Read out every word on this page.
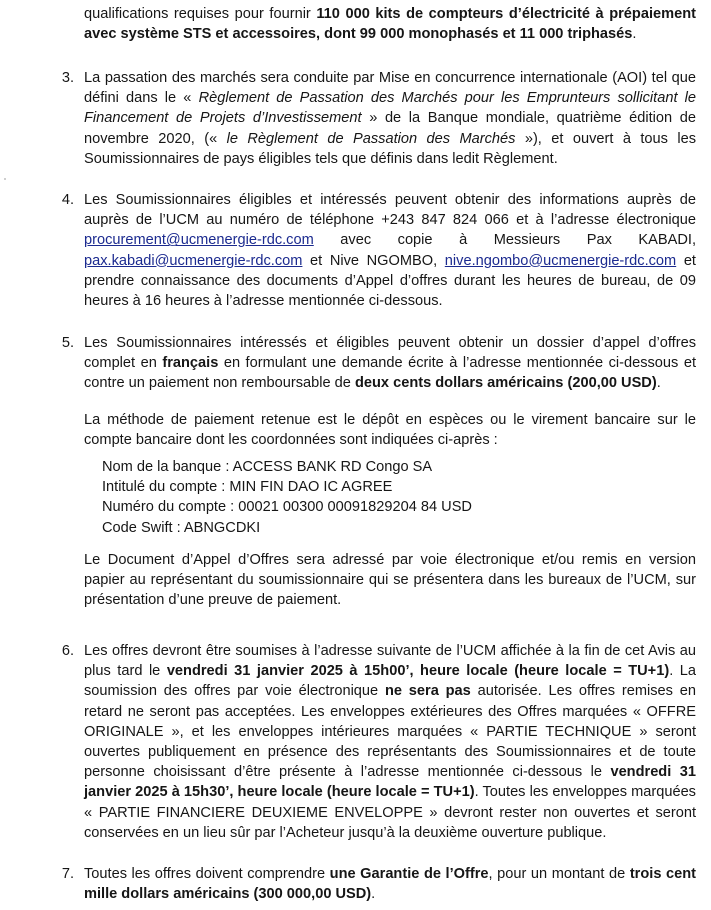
qualifications requises pour fournir 110 000 kits de compteurs d’électricité à prépaiement avec système STS et accessoires, dont 99 000 monophasés et 11 000 triphasés.

3. La passation des marchés sera conduite par Mise en concurrence internationale (AOI) tel que défini dans le « Règlement de Passation des Marchés pour les Emprunteurs sollicitant le Financement de Projets d’Investissement » de la Banque mondiale, quatrième édition de novembre 2020, (« le Règlement de Passation des Marchés »), et ouvert à tous les Soumissionnaires de pays éligibles tels que définis dans ledit Règlement.

4. Les Soumissionnaires éligibles et intéressés peuvent obtenir des informations auprès de auprès de l’UCM au numéro de téléphone +243 847 824 066 et à l’adresse électronique procurement@ucmenergie-rdc.com avec copie à Messieurs Pax KABADI, pax.kabadi@ucmenergie-rdc.com et Nive NGOMBO, nive.ngombo@ucmenergie-rdc.com et prendre connaissance des documents d’Appel d’offres durant les heures de bureau, de 09 heures à 16 heures à l’adresse mentionnée ci-dessous.

5. Les Soumissionnaires intéressés et éligibles peuvent obtenir un dossier d’appel d’offres complet en français en formulant une demande écrite à l’adresse mentionnée ci-dessous et contre un paiement non remboursable de deux cents dollars américains (200,00 USD).

La méthode de paiement retenue est le dépôt en espèces ou le virement bancaire sur le compte bancaire dont les coordonnées sont indiquées ci-après :

Nom de la banque : ACCESS BANK RD Congo SA
Intitulé du compte : MIN FIN DAO IC AGREE
Numéro du compte : 00021 00300 00091829204 84 USD
Code Swift : ABNGCDKI

Le Document d’Appel d’Offres sera adressé par voie électronique et/ou remis en version papier au représentant du soumissionnaire qui se présentera dans les bureaux de l’UCM, sur présentation d’une preuve de paiement.

6. Les offres devront être soumises à l’adresse suivante de l’UCM affichée à la fin de cet Avis au plus tard le vendredi 31 janvier 2025 à 15h00’, heure locale (heure locale = TU+1). La soumission des offres par voie électronique ne sera pas autorisée. Les offres remises en retard ne seront pas acceptées. Les enveloppes extérieures des Offres marquées « OFFRE ORIGINALE », et les enveloppes intérieures marquées « PARTIE TECHNIQUE » seront ouvertes publiquement en présence des représentants des Soumissionnaires et de toute personne choisissant d’être présente à l’adresse mentionnée ci-dessous le vendredi 31 janvier 2025 à 15h30’, heure locale (heure locale = TU+1). Toutes les enveloppes marquées « PARTIE FINANCIERE DEUXIEME ENVELOPPE » devront rester non ouvertes et seront conservées en un lieu sûr par l’Acheteur jusqu’à la deuxième ouverture publique.

7. Toutes les offres doivent comprendre une Garantie de l’Offre, pour un montant de trois cent mille dollars américains (300 000,00 USD).
